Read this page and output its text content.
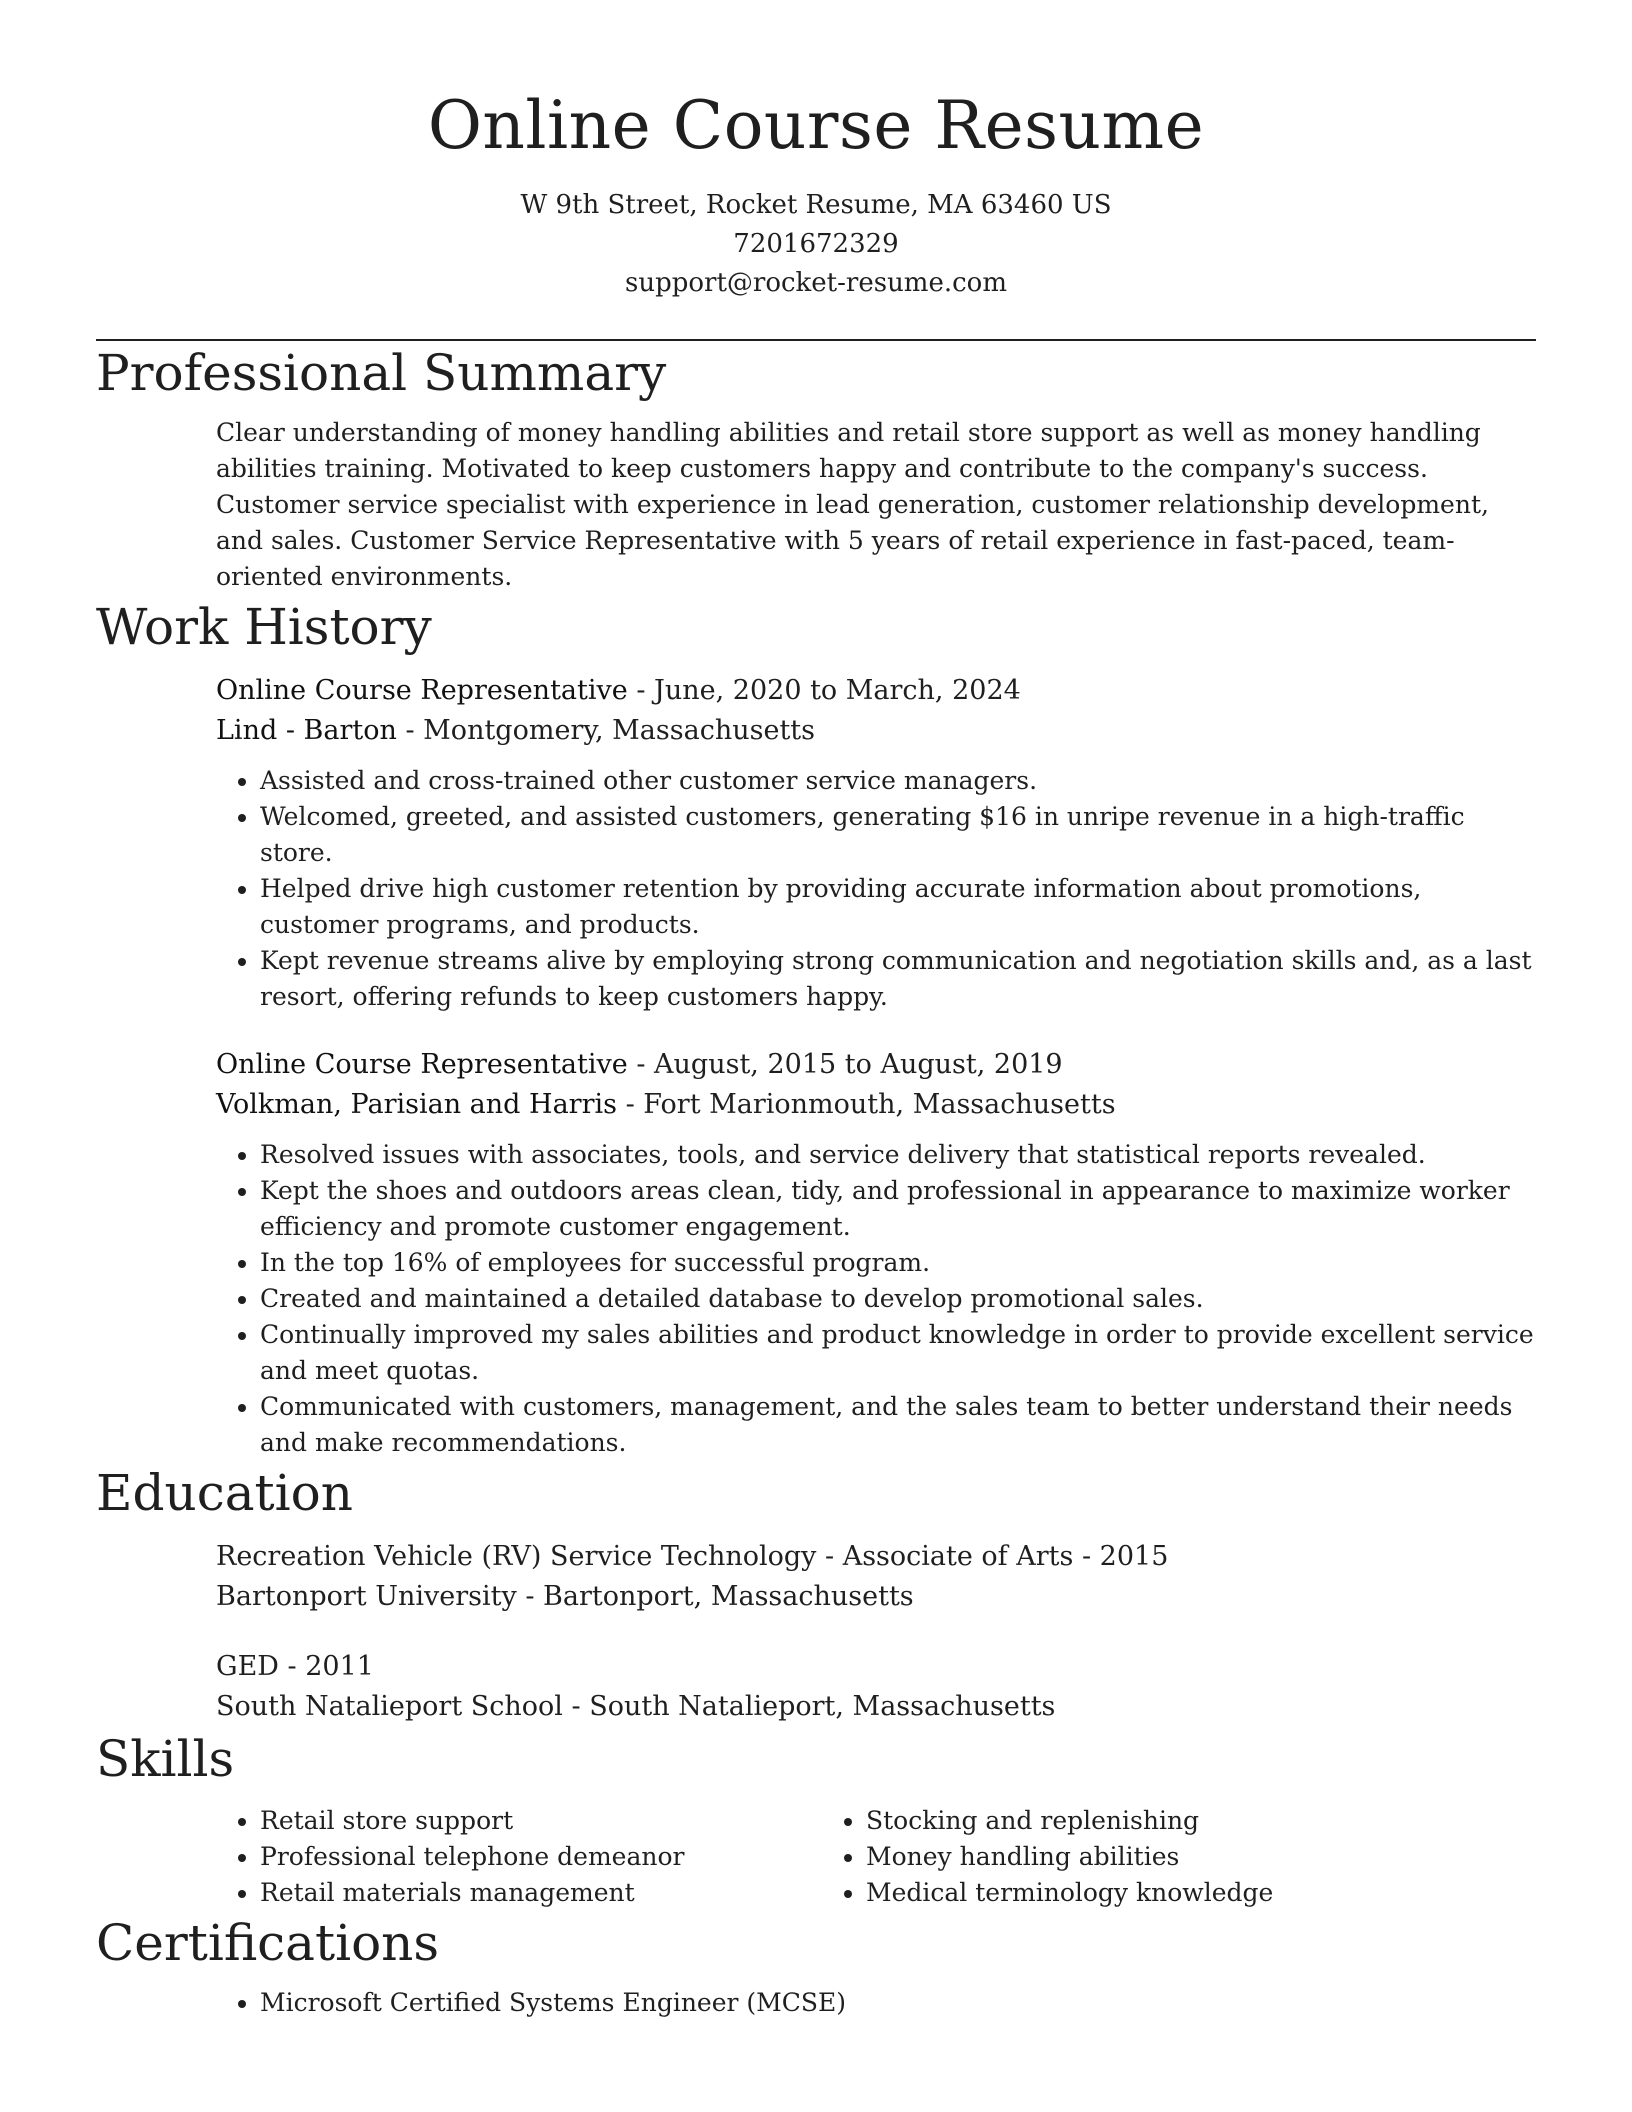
Online Course Resume
W 9th Street, Rocket Resume, MA 63460 US
7201672329
support@rocket-resume.com
Professional Summary
Clear understanding of money handling abilities and retail store support as well as money handling abilities training. Motivated to keep customers happy and contribute to the company's success. Customer service specialist with experience in lead generation, customer relationship development, and sales. Customer Service Representative with 5 years of retail experience in fast-paced, team-oriented environments.
Work History
Online Course Representative - June, 2020 to March, 2024
Lind - Barton - Montgomery, Massachusetts
• Assisted and cross-trained other customer service managers.
• Welcomed, greeted, and assisted customers, generating $16 in unripe revenue in a high-traffic store.
• Helped drive high customer retention by providing accurate information about promotions, customer programs, and products.
• Kept revenue streams alive by employing strong communication and negotiation skills and, as a last resort, offering refunds to keep customers happy.
Online Course Representative - August, 2015 to August, 2019
Volkman, Parisian and Harris - Fort Marionmouth, Massachusetts
• Resolved issues with associates, tools, and service delivery that statistical reports revealed.
• Kept the shoes and outdoors areas clean, tidy, and professional in appearance to maximize worker efficiency and promote customer engagement.
• In the top 16% of employees for successful program.
• Created and maintained a detailed database to develop promotional sales.
• Continually improved my sales abilities and product knowledge in order to provide excellent service and meet quotas.
• Communicated with customers, management, and the sales team to better understand their needs and make recommendations.
Education
Recreation Vehicle (RV) Service Technology - Associate of Arts - 2015
Bartonport University - Bartonport, Massachusetts
GED - 2011
South Natalieport School - South Natalieport, Massachusetts
Skills
• Retail store support
• Professional telephone demeanor
• Retail materials management
• Stocking and replenishing
• Money handling abilities
• Medical terminology knowledge
Certifications
• Microsoft Certified Systems Engineer (MCSE)
